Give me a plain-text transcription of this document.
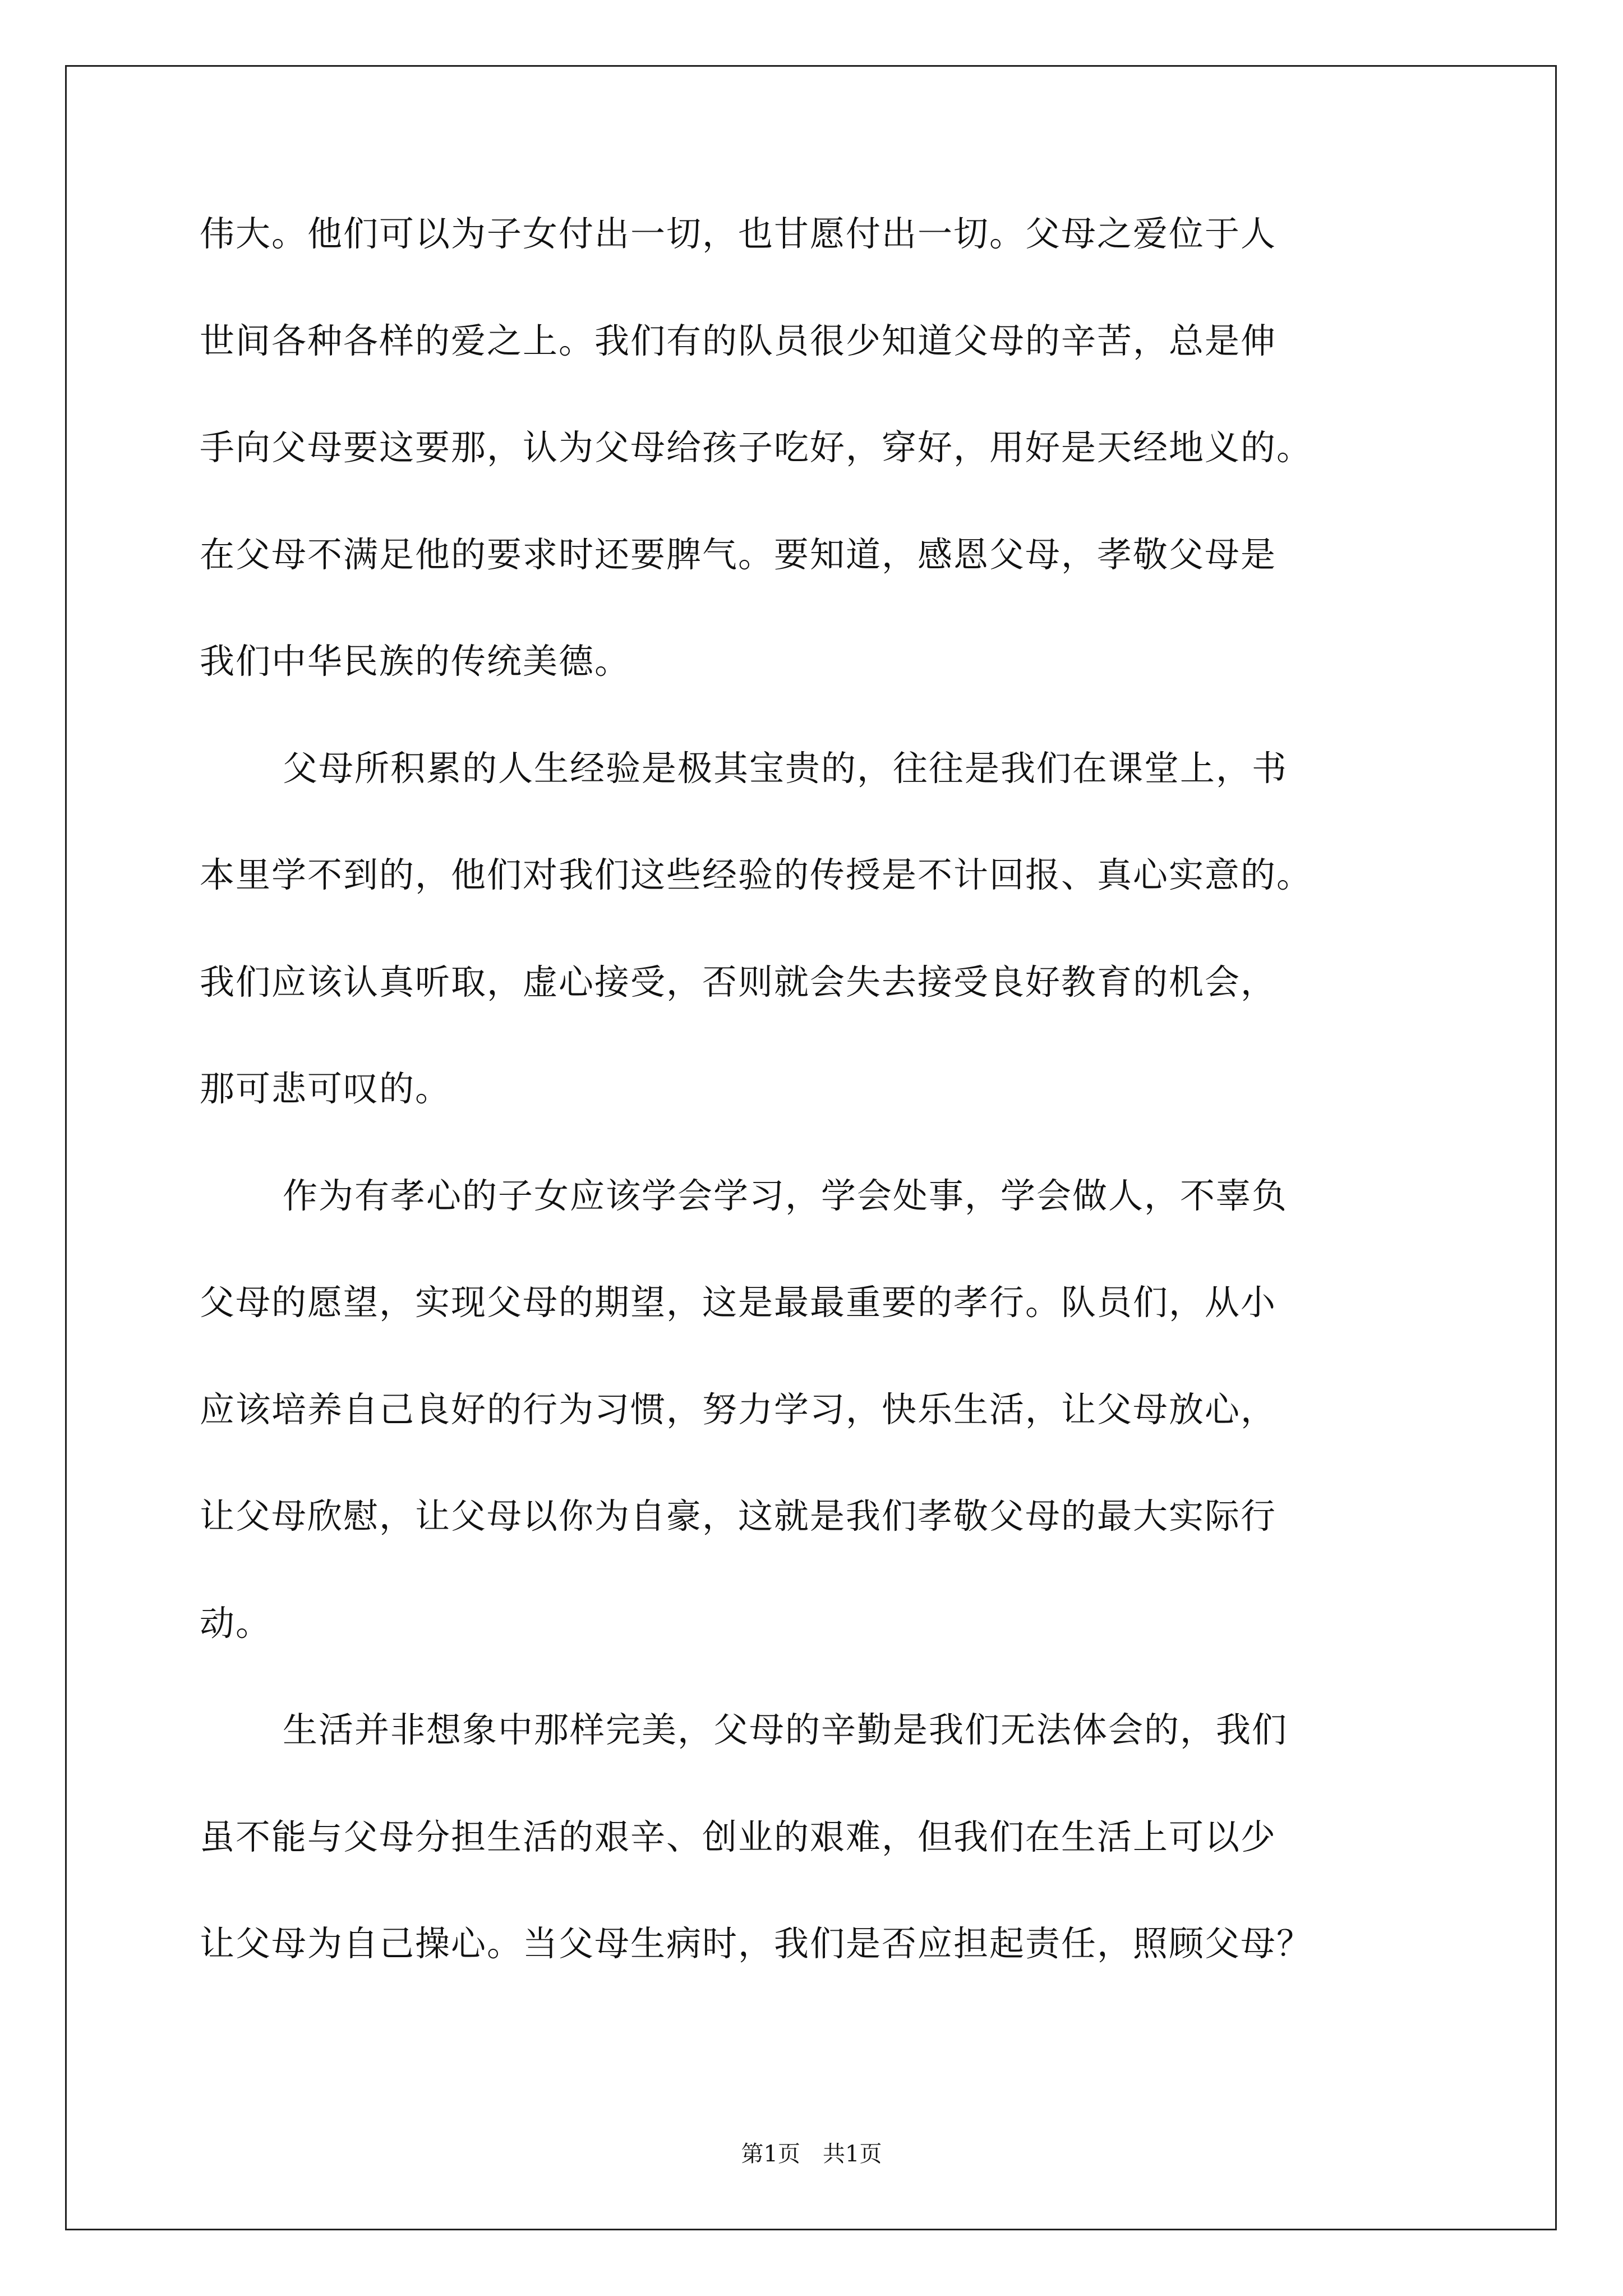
伟大。他们可以为子女付出一切，也甘愿付出一切。父母之爱位于人
世间各种各样的爱之上。我们有的队员很少知道父母的辛苦，总是伸
手向父母要这要那，认为父母给孩子吃好，穿好，用好是天经地义的。
在父母不满足他的要求时还要脾气。要知道，感恩父母，孝敬父母是
我们中华民族的传统美德。
父母所积累的人生经验是极其宝贵的，往往是我们在课堂上，书
本里学不到的，他们对我们这些经验的传授是不计回报、真心实意的。
我们应该认真听取，虚心接受，否则就会失去接受良好教育的机会，
那可悲可叹的。
作为有孝心的子女应该学会学习，学会处事，学会做人，不辜负
父母的愿望，实现父母的期望，这是最最重要的孝行。队员们，从小
应该培养自己良好的行为习惯，努力学习，快乐生活，让父母放心，
让父母欣慰，让父母以你为自豪，这就是我们孝敬父母的最大实际行
动。
生活并非想象中那样完美，父母的辛勤是我们无法体会的，我们
虽不能与父母分担生活的艰辛、创业的艰难，但我们在生活上可以少
让父母为自己操心。当父母生病时，我们是否应担起责任，照顾父母？
第1页 共1页
